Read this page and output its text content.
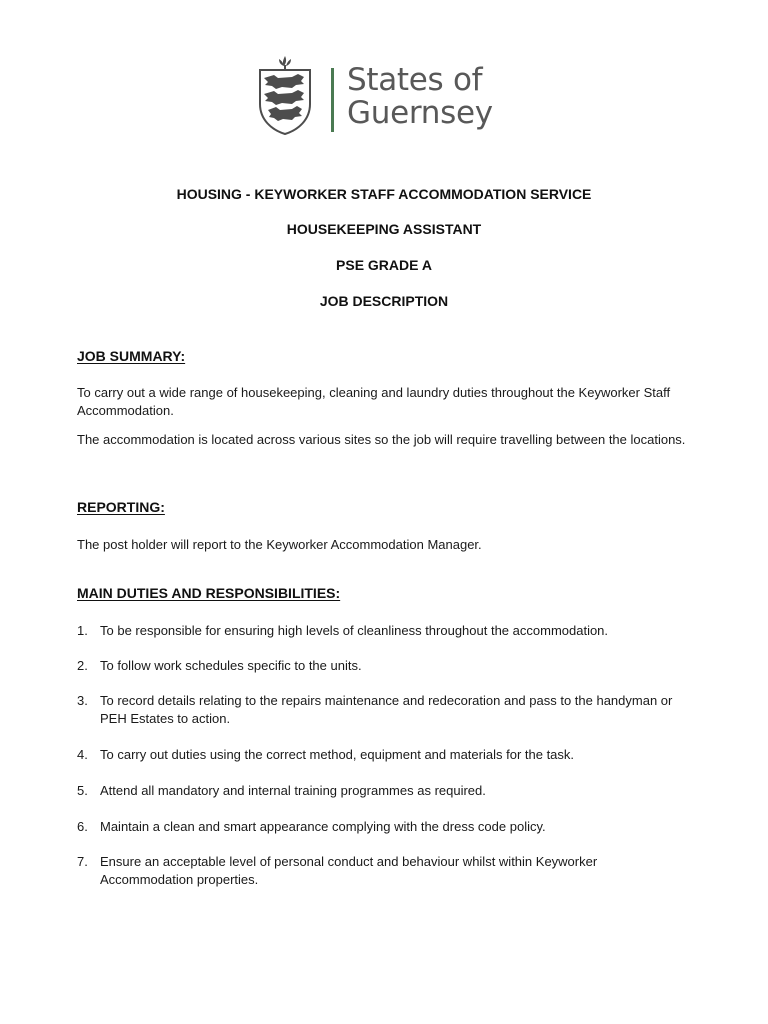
States of
Guernsey
HOUSING - KEYWORKER STAFF ACCOMMODATION SERVICE
HOUSEKEEPING ASSISTANT
PSE GRADE A
JOB DESCRIPTION
JOB SUMMARY:
To carry out a wide range of housekeeping, cleaning and laundry duties throughout the Keyworker Staff Accommodation.
The accommodation is located across various sites so the job will require travelling between the locations.
REPORTING:
The post holder will report to the Keyworker Accommodation Manager.
MAIN DUTIES AND RESPONSIBILITIES:
1. To be responsible for ensuring high levels of cleanliness throughout the accommodation.
2. To follow work schedules specific to the units.
3. To record details relating to the repairs maintenance and redecoration and pass to the handyman or PEH Estates to action.
4. To carry out duties using the correct method, equipment and materials for the task.
5. Attend all mandatory and internal training programmes as required.
6. Maintain a clean and smart appearance complying with the dress code policy.
7. Ensure an acceptable level of personal conduct and behaviour whilst within Keyworker Accommodation properties.
